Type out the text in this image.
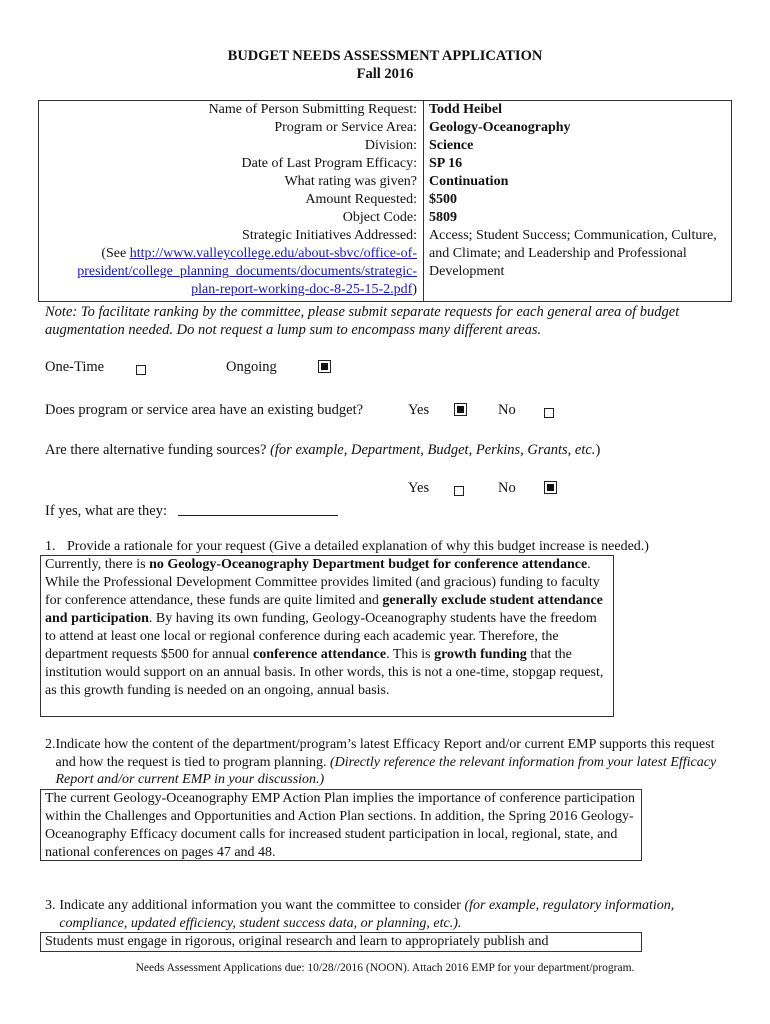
BUDGET NEEDS ASSESSMENT APPLICATION
Fall 2016
Name of Person Submitting Request:	Todd Heibel
Program or Service Area:	Geology-Oceanography
Division:	Science
Date of Last Program Efficacy:	SP 16
What rating was given?	Continuation
Amount Requested:	$500
Object Code:	5809
Strategic Initiatives Addressed:
(See http://www.valleycollege.edu/about-sbvc/office-of-
president/college_planning_documents/documents/strategic-
plan-report-working-doc-8-25-15-2.pdf)	Access; Student Success; Communication, Culture, and Climate; and Leadership and Professional Development
Note: To facilitate ranking by the committee, please submit separate requests for each general area of budget augmentation needed. Do not request a lump sum to encompass many different areas.
One-Time	Ongoing
Does program or service area have an existing budget?	Yes	No
Are there alternative funding sources? (for example, Department, Budget, Perkins, Grants, etc.)
Yes	No
If yes, what are they:
1. Provide a rationale for your request (Give a detailed explanation of why this budget increase is needed.)
Currently, there is no Geology-Oceanography Department budget for conference attendance. While the Professional Development Committee provides limited (and gracious) funding to faculty for conference attendance, these funds are quite limited and generally exclude student attendance and participation. By having its own funding, Geology-Oceanography students have the freedom to attend at least one local or regional conference during each academic year. Therefore, the department requests $500 for annual conference attendance. This is growth funding that the institution would support on an annual basis. In other words, this is not a one-time, stopgap request, as this growth funding is needed on an ongoing, annual basis.
2. Indicate how the content of the department/program’s latest Efficacy Report and/or current EMP supports this request and how the request is tied to program planning. (Directly reference the relevant information from your latest Efficacy Report and/or current EMP in your discussion.)
The current Geology-Oceanography EMP Action Plan implies the importance of conference participation within the Challenges and Opportunities and Action Plan sections. In addition, the Spring 2016 Geology-Oceanography Efficacy document calls for increased student participation in local, regional, state, and national conferences on pages 47 and 48.
3. Indicate any additional information you want the committee to consider (for example, regulatory information, compliance, updated efficiency, student success data, or planning, etc.).
Students must engage in rigorous, original research and learn to appropriately publish and
Needs Assessment Applications due: 10/28//2016 (NOON). Attach 2016 EMP for your department/program.
